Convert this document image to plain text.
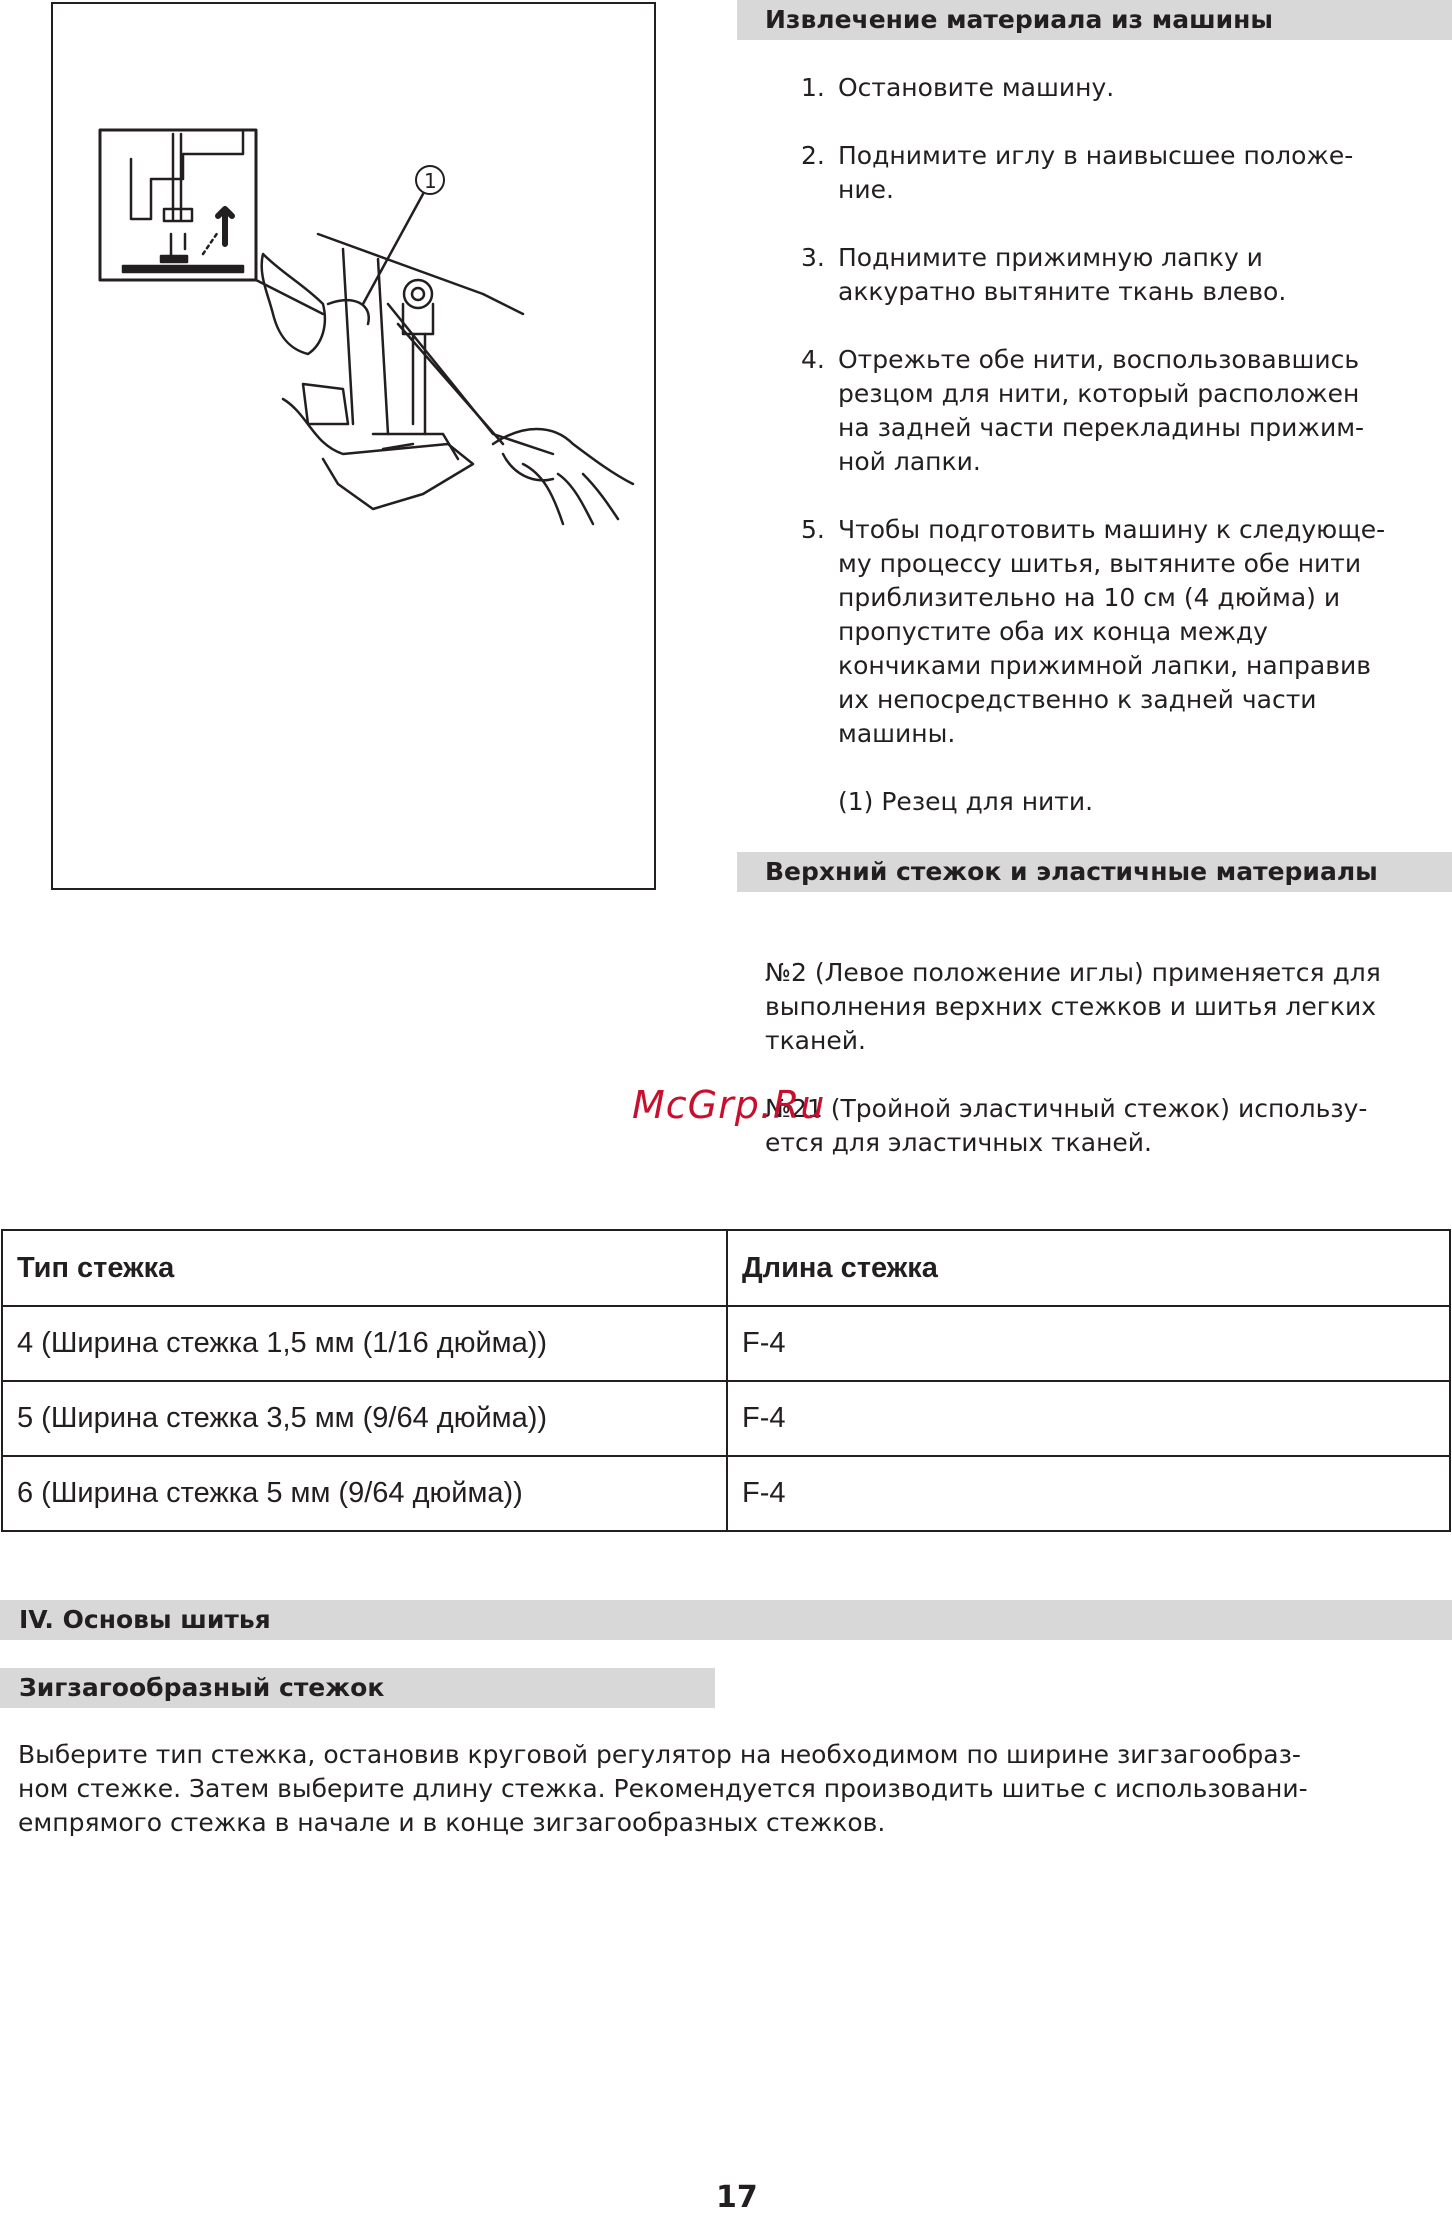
1
Извлечение материала из машины
1. Остановите машину.
2. Поднимите иглу в наивысшее положе-
ние.
3. Поднимите прижимную лапку и
аккуратно вытяните ткань влево.
4. Отрежьте обе нити, воспользовавшись
резцом для нити, который расположен
на задней части перекладины прижим-
ной лапки.
5. Чтобы подготовить машину к следующе-
му процессу шитья, вытяните обе нити
приблизительно на 10 см (4 дюйма) и
пропустите оба их конца между
кончиками прижимной лапки, направив
их непосредственно к задней части
машины.
(1) Резец для нити.
Верхний стежок и эластичные материалы
№2 (Левое положение иглы) применяется для
выполнения верхних стежков и шитья легких
тканей.
№21 (Тройной эластичный стежок) использу-
ется для эластичных тканей.
McGrp.Ru
Тип стежка	Длина стежка
4 (Ширина стежка 1,5 мм (1/16 дюйма))	F-4
5 (Ширина стежка 3,5 мм (9/64 дюйма))	F-4
6 (Ширина стежка 5 мм (9/64 дюйма))	F-4
IV. Основы шитья
Зигзагообразный стежок
Выберите тип стежка, остановив круговой регулятор на необходимом по ширине зигзагообраз-
ном стежке. Затем выберите длину стежка. Рекомендуется производить шитье с использовани-
емпрямого стежка в начале и в конце зигзагообразных стежков.
17
